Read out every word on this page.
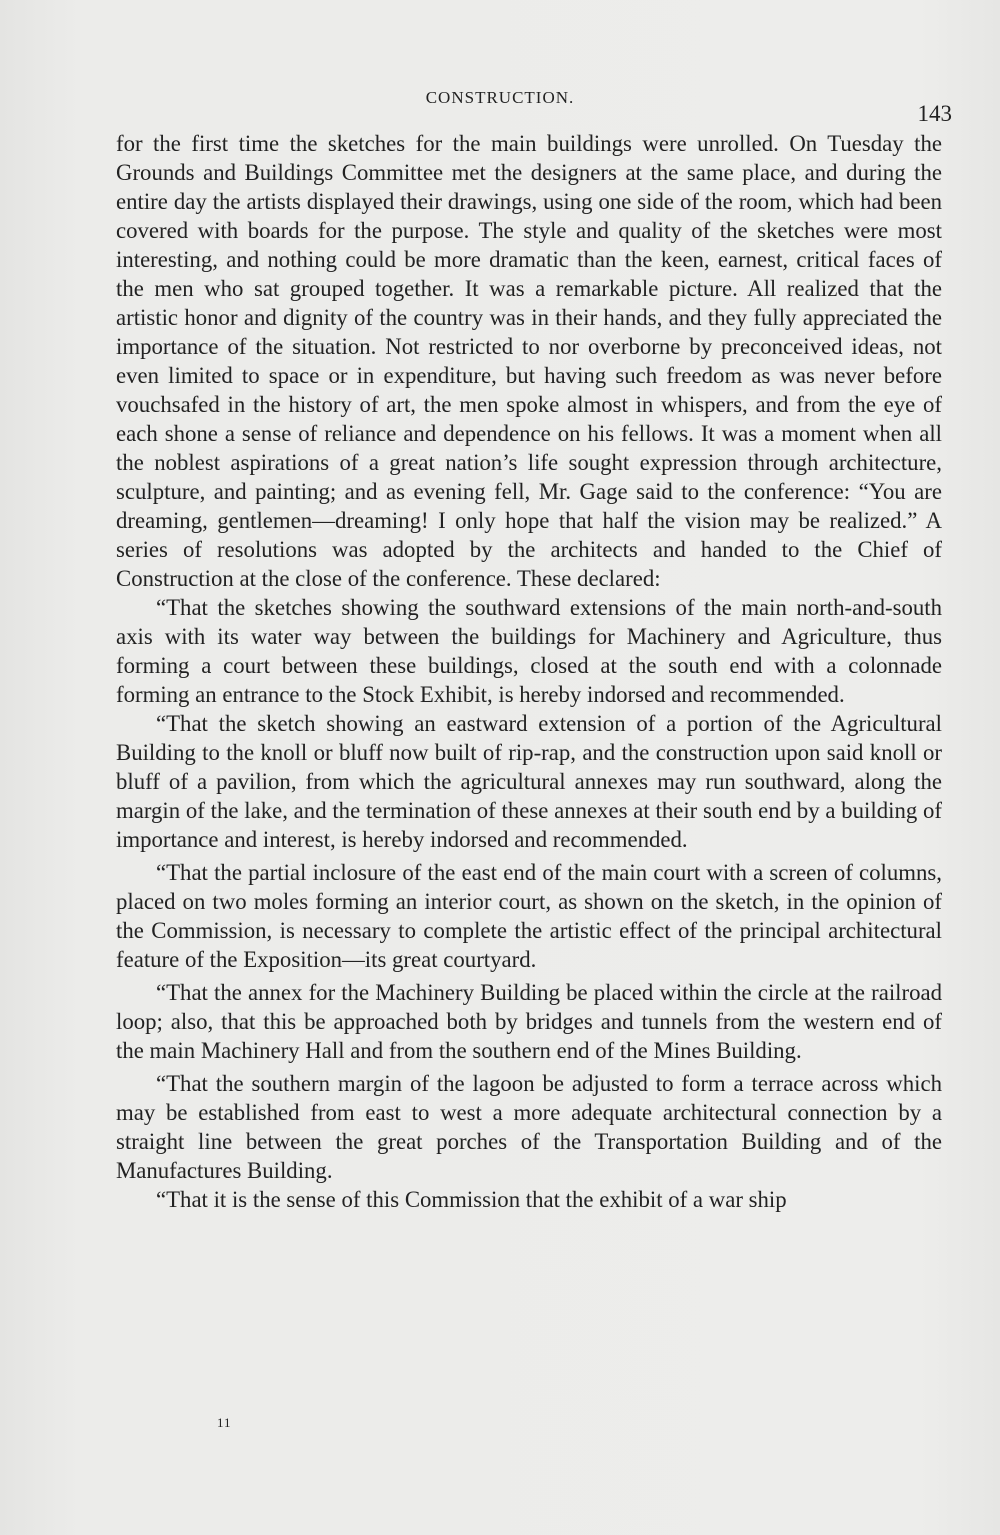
CONSTRUCTION.
143

for the first time the sketches for the main buildings were unrolled. On Tuesday the Grounds and Buildings Committee met the designers at the same place, and during the entire day the artists displayed their drawings, using one side of the room, which had been covered with boards for the purpose. The style and quality of the sketches were most interesting, and nothing could be more dramatic than the keen, earnest, critical faces of the men who sat grouped together. It was a remarkable picture. All realized that the artistic honor and dignity of the country was in their hands, and they fully appreciated the importance of the situation. Not restricted to nor overborne by preconceived ideas, not even limited to space or in expenditure, but having such freedom as was never before vouchsafed in the history of art, the men spoke almost in whispers, and from the eye of each shone a sense of reliance and dependence on his fellows. It was a moment when all the noblest aspirations of a great nation’s life sought expression through architecture, sculpture, and painting; and as evening fell, Mr. Gage said to the conference: “You are dreaming, gentlemen—dreaming! I only hope that half the vision may be realized.” A series of resolutions was adopted by the architects and handed to the Chief of Construction at the close of the conference. These declared:

“That the sketches showing the southward extensions of the main north-and-south axis with its water way between the buildings for Machinery and Agriculture, thus forming a court between these buildings, closed at the south end with a colonnade forming an entrance to the Stock Exhibit, is hereby indorsed and recommended.

“That the sketch showing an eastward extension of a portion of the Agricultural Building to the knoll or bluff now built of rip-rap, and the construction upon said knoll or bluff of a pavilion, from which the agricultural annexes may run southward, along the margin of the lake, and the termination of these annexes at their south end by a building of importance and interest, is hereby indorsed and recommended.

“That the partial inclosure of the east end of the main court with a screen of columns, placed on two moles forming an interior court, as shown on the sketch, in the opinion of the Commission, is necessary to complete the artistic effect of the principal architectural feature of the Exposition—its great courtyard.

“That the annex for the Machinery Building be placed within the circle at the railroad loop; also, that this be approached both by bridges and tunnels from the western end of the main Machinery Hall and from the southern end of the Mines Building.

“That the southern margin of the lagoon be adjusted to form a terrace across which may be established from east to west a more adequate architectural connection by a straight line between the great porches of the Transportation Building and of the Manufactures Building.

“That it is the sense of this Commission that the exhibit of a war ship

11
